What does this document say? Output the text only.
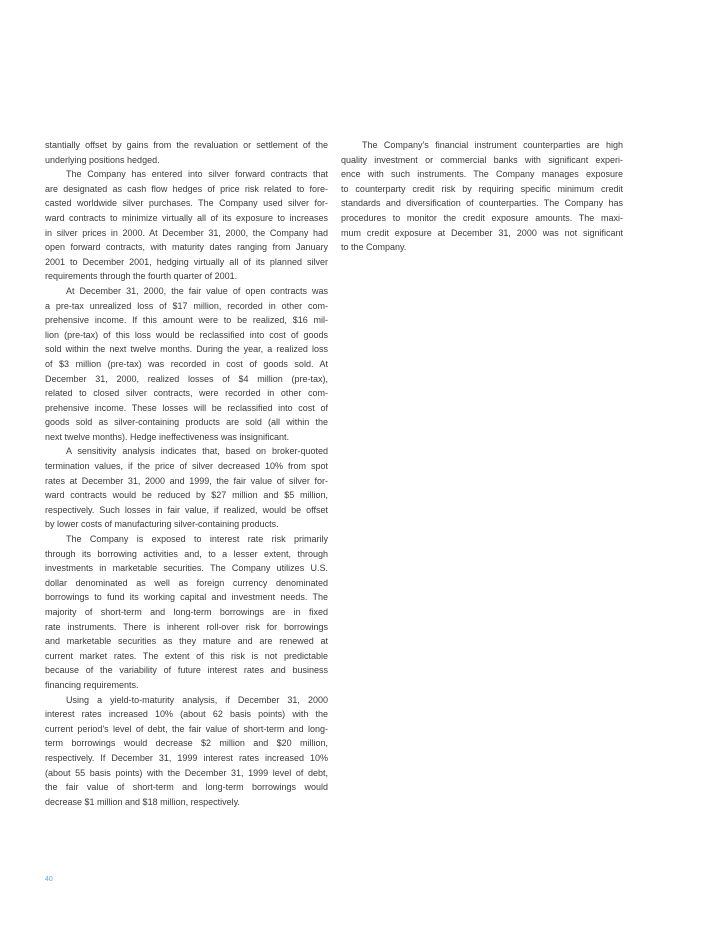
stantially offset by gains from the revaluation or settlement of the
underlying positions hedged.
The Company has entered into silver forward contracts that
are designated as cash flow hedges of price risk related to fore-
casted worldwide silver purchases. The Company used silver for-
ward contracts to minimize virtually all of its exposure to increases
in silver prices in 2000. At December 31, 2000, the Company had
open forward contracts, with maturity dates ranging from January
2001 to December 2001, hedging virtually all of its planned silver
requirements through the fourth quarter of 2001.
At December 31, 2000, the fair value of open contracts was
a pre-tax unrealized loss of $17 million, recorded in other com-
prehensive income. If this amount were to be realized, $16 mil-
lion (pre-tax) of this loss would be reclassified into cost of goods
sold within the next twelve months. During the year, a realized loss
of $3 million (pre-tax) was recorded in cost of goods sold. At
December 31, 2000, realized losses of $4 million (pre-tax),
related to closed silver contracts, were recorded in other com-
prehensive income. These losses will be reclassified into cost of
goods sold as silver-containing products are sold (all within the
next twelve months). Hedge ineffectiveness was insignificant.
A sensitivity analysis indicates that, based on broker-quoted
termination values, if the price of silver decreased 10% from spot
rates at December 31, 2000 and 1999, the fair value of silver for-
ward contracts would be reduced by $27 million and $5 million,
respectively. Such losses in fair value, if realized, would be offset
by lower costs of manufacturing silver-containing products.
The Company is exposed to interest rate risk primarily
through its borrowing activities and, to a lesser extent, through
investments in marketable securities. The Company utilizes U.S.
dollar denominated as well as foreign currency denominated
borrowings to fund its working capital and investment needs. The
majority of short-term and long-term borrowings are in fixed
rate instruments. There is inherent roll-over risk for borrowings
and marketable securities as they mature and are renewed at
current market rates. The extent of this risk is not predictable
because of the variability of future interest rates and business
financing requirements.
Using a yield-to-maturity analysis, if December 31, 2000
interest rates increased 10% (about 62 basis points) with the
current period’s level of debt, the fair value of short-term and long-
term borrowings would decrease $2 million and $20 million,
respectively. If December 31, 1999 interest rates increased 10%
(about 55 basis points) with the December 31, 1999 level of debt,
the fair value of short-term and long-term borrowings would
decrease $1 million and $18 million, respectively.
The Company’s financial instrument counterparties are high
quality investment or commercial banks with significant experi-
ence with such instruments. The Company manages exposure
to counterparty credit risk by requiring specific minimum credit
standards and diversification of counterparties. The Company has
procedures to monitor the credit exposure amounts. The maxi-
mum credit exposure at December 31, 2000 was not significant
to the Company.
40
